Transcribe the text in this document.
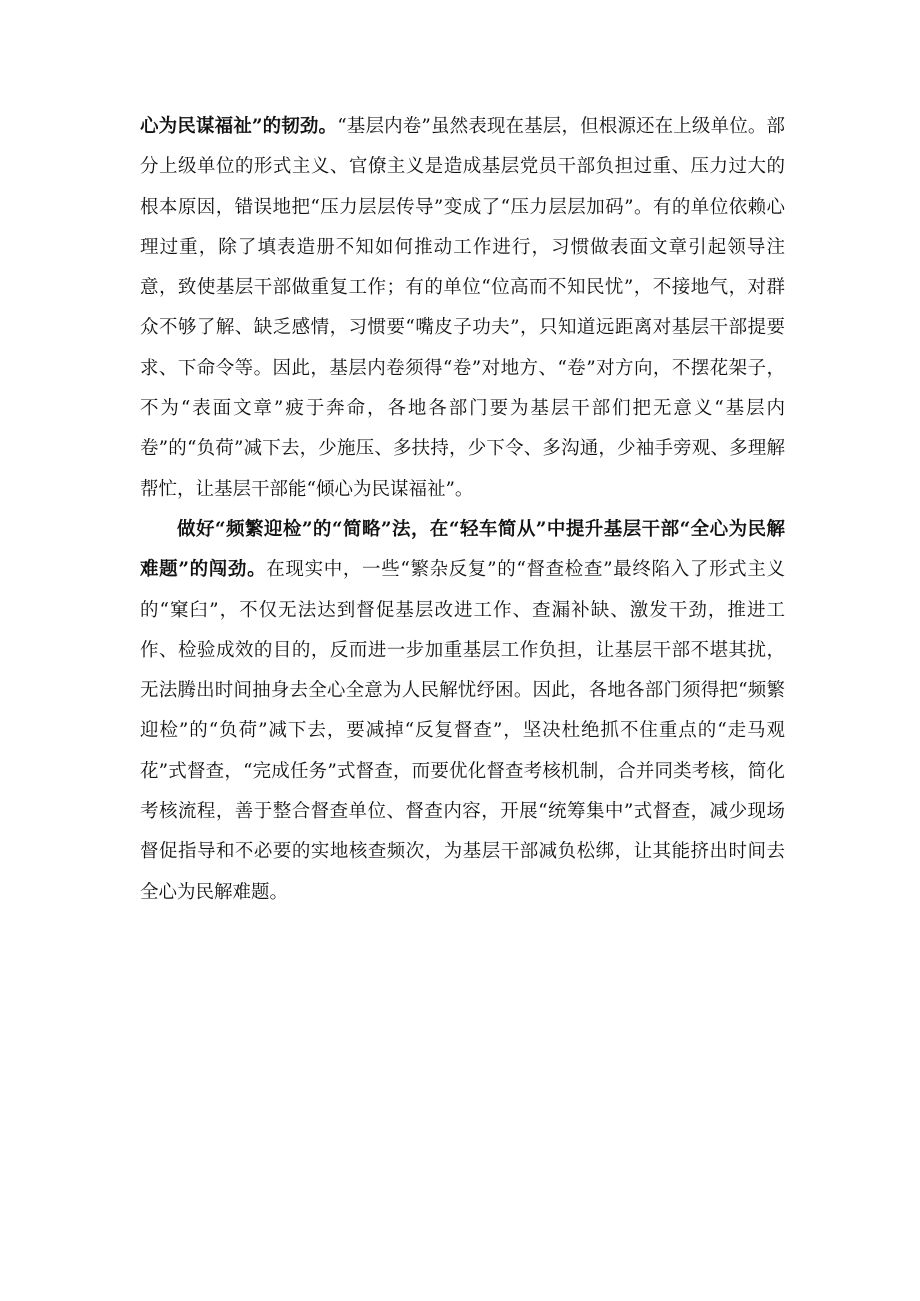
心为民谋福祉”的韧劲。“基层内卷”虽然表现在基层，但根源还在上级单位。部分上级单位的形式主义、官僚主义是造成基层党员干部负担过重、压力过大的根本原因，错误地把“压力层层传导”变成了“压力层层加码”。有的单位依赖心理过重，除了填表造册不知如何推动工作进行，习惯做表面文章引起领导注意，致使基层干部做重复工作；有的单位“位高而不知民忧”，不接地气，对群众不够了解、缺乏感情，习惯要“嘴皮子功夫”，只知道远距离对基层干部提要求、下命令等。因此，基层内卷须得“卷”对地方、“卷”对方向，不摆花架子，不为“表面文章”疲于奔命，各地各部门要为基层干部们把无意义“基层内卷”的“负荷”减下去，少施压、多扶持，少下令、多沟通，少袖手旁观、多理解帮忙，让基层干部能“倾心为民谋福祉”。

做好“频繁迎检”的“简略”法，在“轻车简从”中提升基层干部“全心为民解难题”的闯劲。在现实中，一些“繁杂反复”的“督查检查”最终陷入了形式主义的“窠臼”，不仅无法达到督促基层改进工作、查漏补缺、激发干劲，推进工作、检验成效的目的，反而进一步加重基层工作负担，让基层干部不堪其扰，无法腾出时间抽身去全心全意为人民解忧纾困。因此，各地各部门须得把“频繁迎检”的“负荷”减下去，要减掉“反复督查”，坚决杜绝抓不住重点的“走马观花”式督查，“完成任务”式督查，而要优化督查考核机制，合并同类考核，简化考核流程，善于整合督查单位、督查内容，开展“统筹集中”式督查，减少现场督促指导和不必要的实地核查频次，为基层干部减负松绑，让其能挤出时间去全心为民解难题。
